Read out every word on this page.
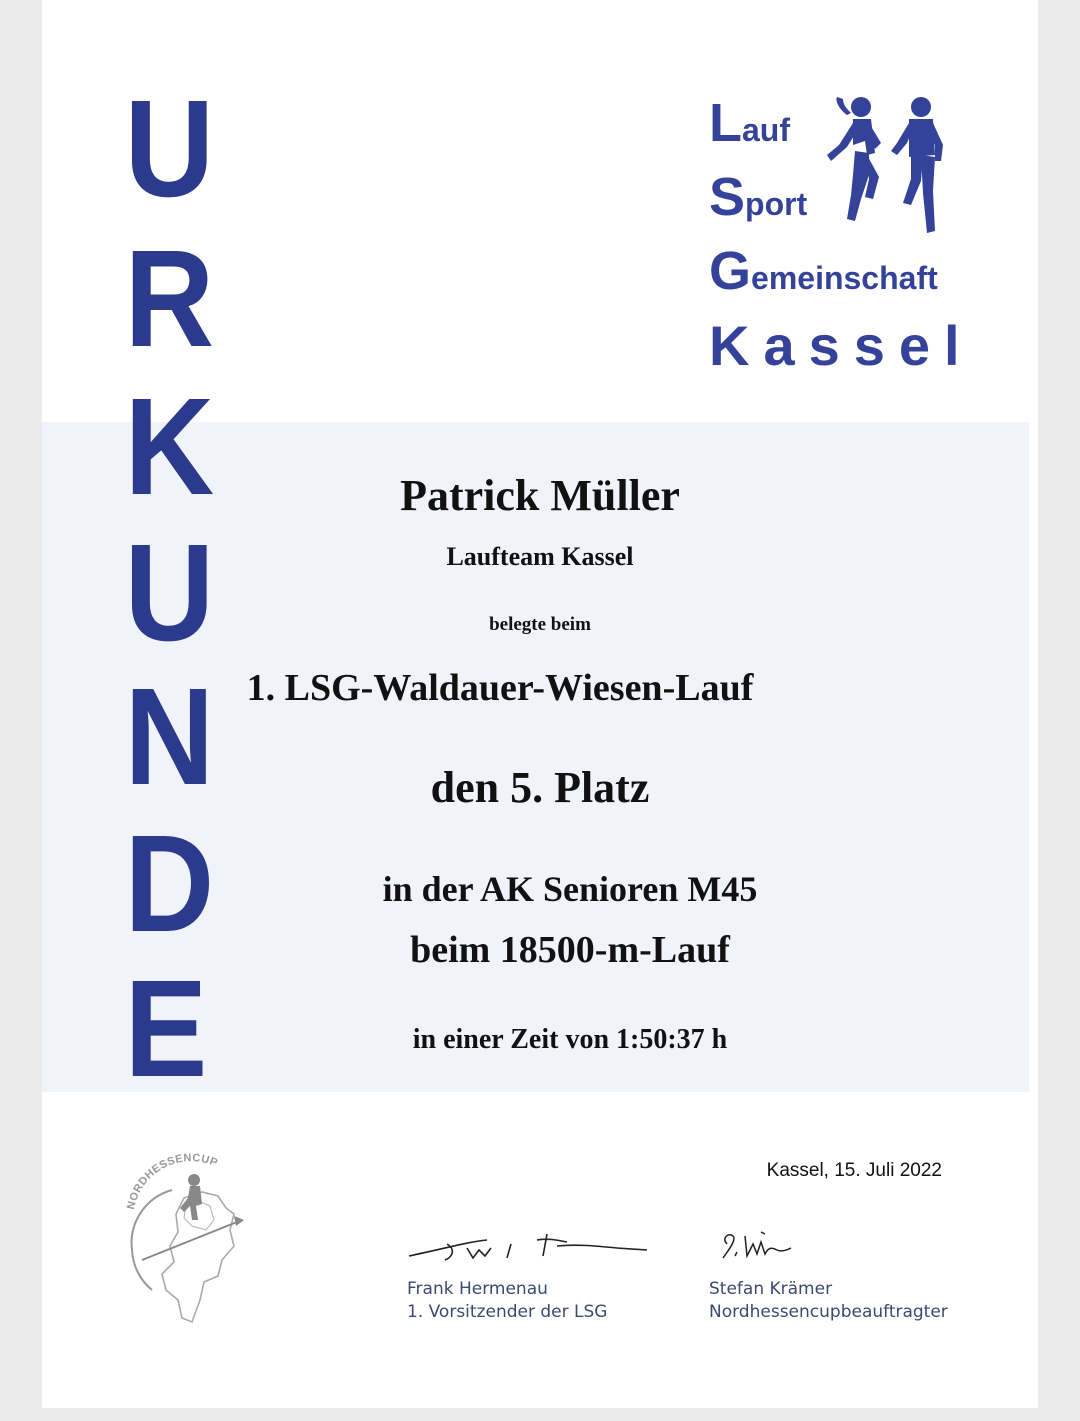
U
R
K
U
N
D
E
Lauf
Sport
Gemeinschaft
Kassel
Patrick Müller
Laufteam Kassel
belegte beim
1. LSG-Waldauer-Wiesen-Lauf
den 5. Platz
in der AK Senioren M45
beim 18500-m-Lauf
in einer Zeit von 1:50:37 h
NORDHESSENCUP	Kassel, 15. Juli 2022
Frank Hermenau
1. Vorsitzender der LSG
Stefan Krämer
Nordhessencupbeauftragter
